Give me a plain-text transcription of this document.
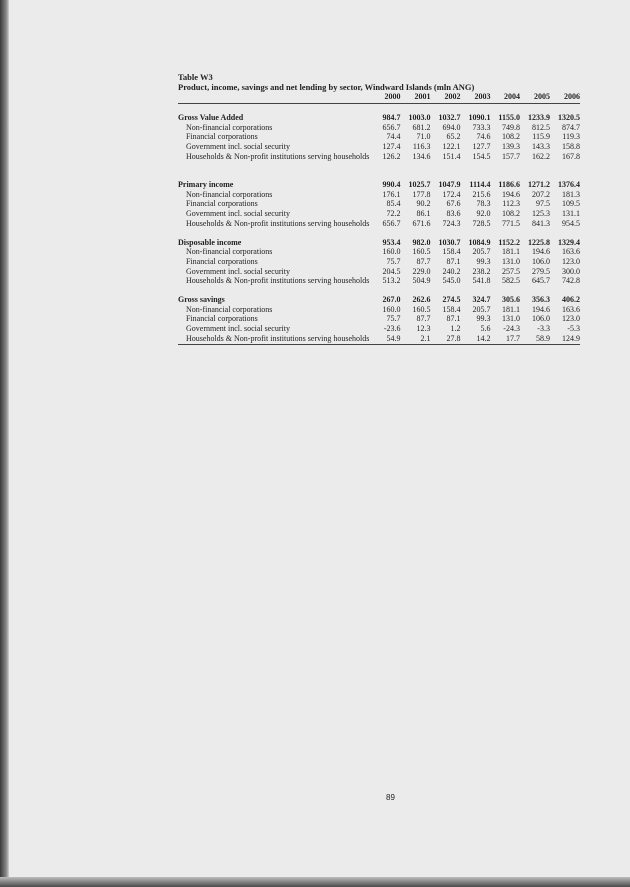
Table W3
Product, income, savings and net lending by sector, Windward Islands (mln ANG)
	2000	2001	2002	2003	2004	2005	2006

Gross Value Added	984.7	1003.0	1032.7	1090.1	1155.0	1233.9	1320.5
Non-financial corporations	656.7	681.2	694.0	733.3	749.8	812.5	874.7
Financial corporations	74.4	71.0	65.2	74.6	108.2	115.9	119.3
Government incl. social security	127.4	116.3	122.1	127.7	139.3	143.3	158.8
Households & Non-profit institutions serving households	126.2	134.6	151.4	154.5	157.7	162.2	167.8

Primary income	990.4	1025.7	1047.9	1114.4	1186.6	1271.2	1376.4
Non-financial corporations	176.1	177.8	172.4	215.6	194.6	207.2	181.3
Financial corporations	85.4	90.2	67.6	78.3	112.3	97.5	109.5
Government incl. social security	72.2	86.1	83.6	92.0	108.2	125.3	131.1
Households & Non-profit institutions serving households	656.7	671.6	724.3	728.5	771.5	841.3	954.5

Disposable income	953.4	982.0	1030.7	1084.9	1152.2	1225.8	1329.4
Non-financial corporations	160.0	160.5	158.4	205.7	181.1	194.6	163.6
Financial corporations	75.7	87.7	87.1	99.3	131.0	106.0	123.0
Government incl. social security	204.5	229.0	240.2	238.2	257.5	279.5	300.0
Households & Non-profit institutions serving households	513.2	504.9	545.0	541.8	582.5	645.7	742.8

Gross savings	267.0	262.6	274.5	324.7	305.6	356.3	406.2
Non-financial corporations	160.0	160.5	158.4	205.7	181.1	194.6	163.6
Financial corporations	75.7	87.7	87.1	99.3	131.0	106.0	123.0
Government incl. social security	-23.6	12.3	1.2	5.6	-24.3	-3.3	-5.3
Households & Non-profit institutions serving households	54.9	2.1	27.8	14.2	17.7	58.9	124.9
89
